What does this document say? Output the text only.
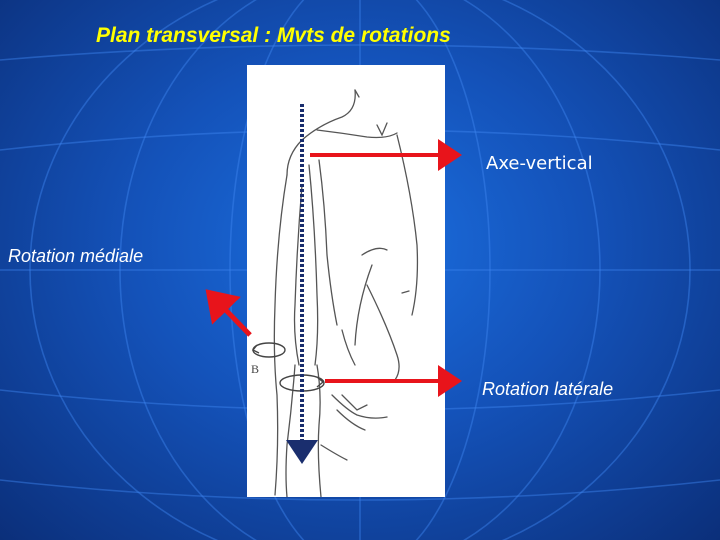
Plan transversal : Mvts de rotations
B
Axe-vertical
Rotation médiale
Rotation latérale
